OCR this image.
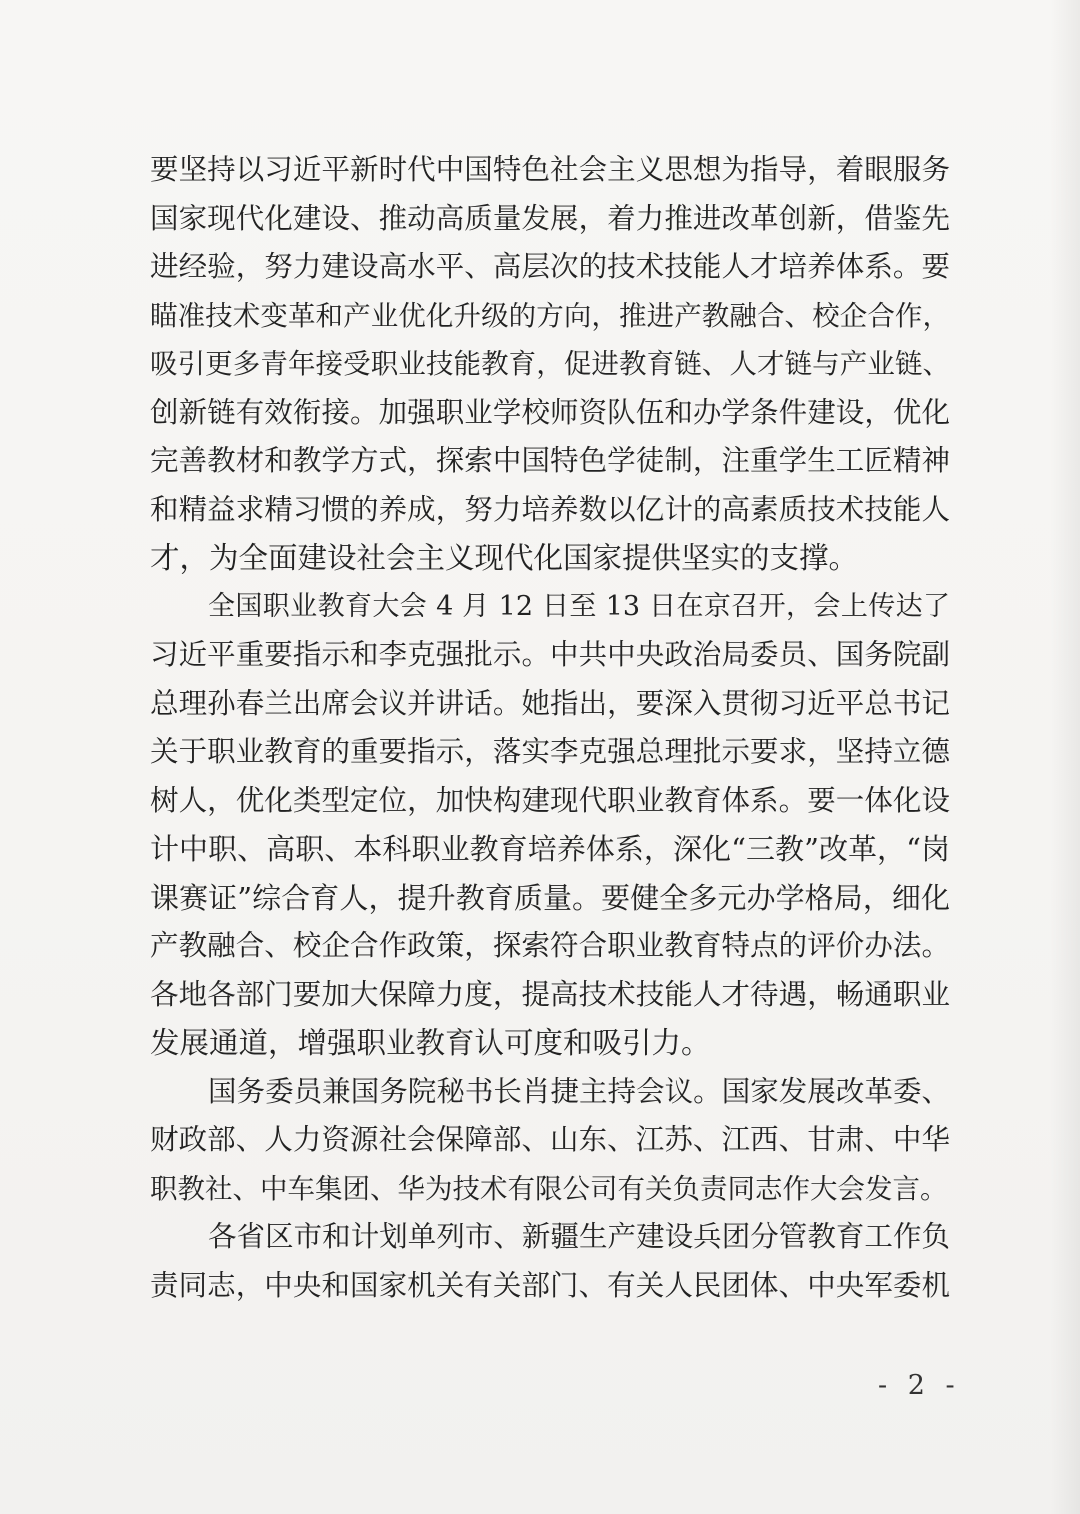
要坚持以习近平新时代中国特色社会主义思想为指导，着眼服务
国家现代化建设、推动高质量发展，着力推进改革创新，借鉴先
进经验，努力建设高水平、高层次的技术技能人才培养体系。要
瞄准技术变革和产业优化升级的方向，推进产教融合、校企合作，
吸引更多青年接受职业技能教育，促进教育链、人才链与产业链、
创新链有效衔接。加强职业学校师资队伍和办学条件建设，优化
完善教材和教学方式，探索中国特色学徒制，注重学生工匠精神
和精益求精习惯的养成，努力培养数以亿计的高素质技术技能人
才，为全面建设社会主义现代化国家提供坚实的支撑。
全国职业教育大会 4 月 12 日至 13 日在京召开，会上传达了
习近平重要指示和李克强批示。中共中央政治局委员、国务院副
总理孙春兰出席会议并讲话。她指出，要深入贯彻习近平总书记
关于职业教育的重要指示，落实李克强总理批示要求，坚持立德
树人，优化类型定位，加快构建现代职业教育体系。要一体化设
计中职、高职、本科职业教育培养体系，深化“三教”改革，“岗
课赛证”综合育人，提升教育质量。要健全多元办学格局，细化
产教融合、校企合作政策，探索符合职业教育特点的评价办法。
各地各部门要加大保障力度，提高技术技能人才待遇，畅通职业
发展通道，增强职业教育认可度和吸引力。
国务委员兼国务院秘书长肖捷主持会议。国家发展改革委、
财政部、人力资源社会保障部、山东、江苏、江西、甘肃、中华
职教社、中车集团、华为技术有限公司有关负责同志作大会发言。
各省区市和计划单列市、新疆生产建设兵团分管教育工作负
责同志，中央和国家机关有关部门、有关人民团体、中央军委机
- 2 -
